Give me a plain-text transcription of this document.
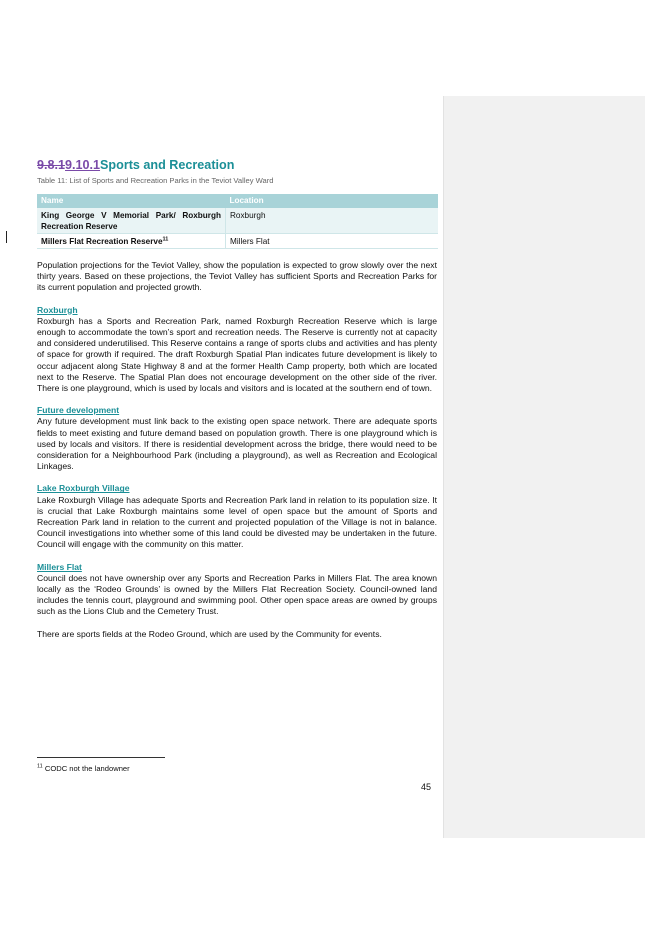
9.8.19.10.1Sports and Recreation
Table 11: List of Sports and Recreation Parks in the Teviot Valley Ward
Name	Location
King George V Memorial Park/ Roxburgh Recreation Reserve	Roxburgh
Millers Flat Recreation Reserve$^{11}$	Millers Flat

Population projections for the Teviot Valley, show the population is expected to grow slowly over the next thirty years. Based on these projections, the Teviot Valley has sufficient Sports and Recreation Parks for its current population and projected growth.

Roxburgh

Roxburgh has a Sports and Recreation Park, named Roxburgh Recreation Reserve which is large enough to accommodate the town’s sport and recreation needs. The Reserve is currently not at capacity and considered underutilised. This Reserve contains a range of sports clubs and activities and has plenty of space for growth if required. The draft Roxburgh Spatial Plan indicates future development is likely to occur adjacent along State Highway 8 and at the former Health Camp property, both which are located next to the Reserve. The Spatial Plan does not encourage development on the other side of the river. There is one playground, which is used by locals and visitors and is located at the southern end of town.

Future development

Any future development must link back to the existing open space network. There are adequate sports fields to meet existing and future demand based on population growth. There is one playground which is used by locals and visitors. If there is residential development across the bridge, there would need to be consideration for a Neighbourhood Park (including a playground), as well as Recreation and Ecological Linkages.

Lake Roxburgh Village

Lake Roxburgh Village has adequate Sports and Recreation Park land in relation to its population size. It is crucial that Lake Roxburgh maintains some level of open space but the amount of Sports and Recreation Park land in relation to the current and projected population of the Village is not in balance. Council investigations into whether some of this land could be divested may be undertaken in the future. Council will engage with the community on this matter.

Millers Flat

Council does not have ownership over any Sports and Recreation Parks in Millers Flat. The area known locally as the ‘Rodeo Grounds’ is owned by the Millers Flat Recreation Society. Council-owned land includes the tennis court, playground and swimming pool. Other open space areas are owned by groups such as the Lions Club and the Cemetery Trust.

There are sports fields at the Rodeo Ground, which are used by the Community for events.

$^{11}$ CODC not the landowner
45
